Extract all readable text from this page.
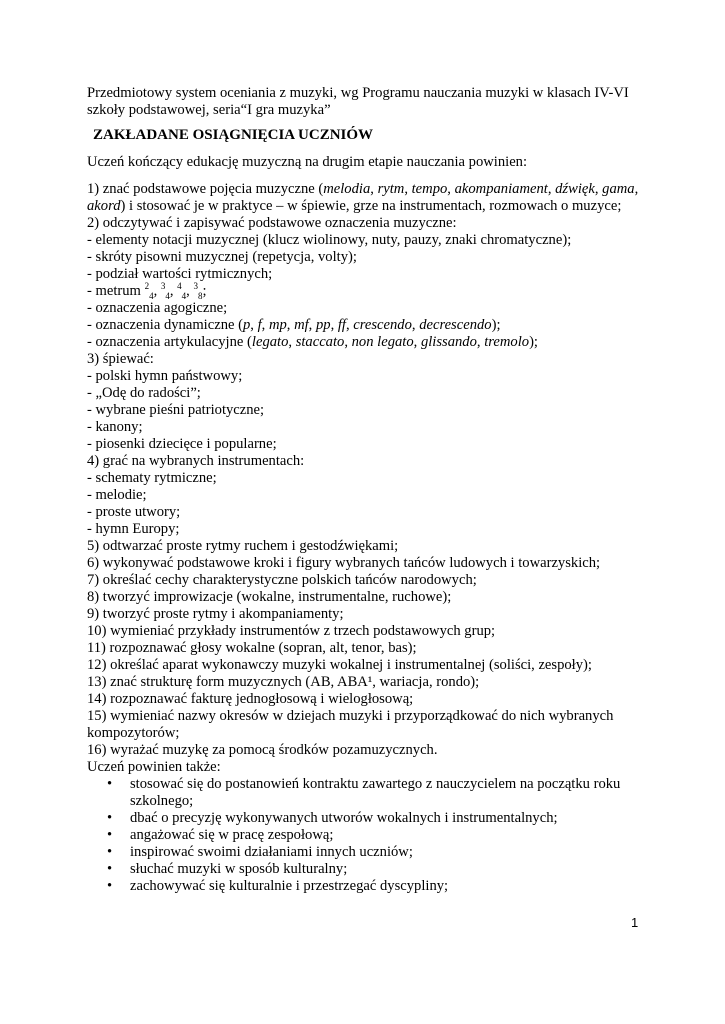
Przedmiotowy system oceniania z muzyki, wg Programu nauczania muzyki w klasach IV-VI
szkoły podstawowej, seria“I gra muzyka”
ZAKŁADANE OSIĄGNIĘCIA UCZNIÓW
Uczeń kończący edukację muzyczną na drugim etapie nauczania powinien:
1) znać podstawowe pojęcia muzyczne (melodia, rytm, tempo, akompaniament, dźwięk, gama,
akord) i stosować je w praktyce – w śpiewie, grze na instrumentach, rozmowach o muzyce;
2) odczytywać i zapisywać podstawowe oznaczenia muzyczne:
- elementy notacji muzycznej (klucz wiolinowy, nuty, pauzy, znaki chromatyczne);
- skróty pisowni muzycznej (repetycja, volty);
- podział wartości rytmicznych;
- metrum $^2_4$, $^3_4$, $^4_4$, $^3_8$;
- oznaczenia agogiczne;
- oznaczenia dynamiczne (p, f, mp, mf, pp, ff, crescendo, decrescendo);
- oznaczenia artykulacyjne (legato, staccato, non legato, glissando, tremolo);
3) śpiewać:
- polski hymn państwowy;
- „Odę do radości”;
- wybrane pieśni patriotyczne;
- kanony;
- piosenki dziecięce i popularne;
4) grać na wybranych instrumentach:
- schematy rytmiczne;
- melodie;
- proste utwory;
- hymn Europy;
5) odtwarzać proste rytmy ruchem i gestodźwiękami;
6) wykonywać podstawowe kroki i figury wybranych tańców ludowych i towarzyskich;
7) określać cechy charakterystyczne polskich tańców narodowych;
8) tworzyć improwizacje (wokalne, instrumentalne, ruchowe);
9) tworzyć proste rytmy i akompaniamenty;
10) wymieniać przykłady instrumentów z trzech podstawowych grup;
11) rozpoznawać głosy wokalne (sopran, alt, tenor, bas);
12) określać aparat wykonawczy muzyki wokalnej i instrumentalnej (soliści, zespoły);
13) znać strukturę form muzycznych (AB, ABA¹, wariacja, rondo);
14) rozpoznawać fakturę jednogłosową i wielogłosową;
15) wymieniać nazwy okresów w dziejach muzyki i przyporządkować do nich wybranych
kompozytorów;
16) wyrażać muzykę za pomocą środków pozamuzycznych.
Uczeń powinien także:
• stosować się do postanowień kontraktu zawartego z nauczycielem na początku roku
szkolnego;
• dbać o precyzję wykonywanych utworów wokalnych i instrumentalnych;
• angażować się w pracę zespołową;
• inspirować swoimi działaniami innych uczniów;
• słuchać muzyki w sposób kulturalny;
• zachowywać się kulturalnie i przestrzegać dyscypliny;
1
